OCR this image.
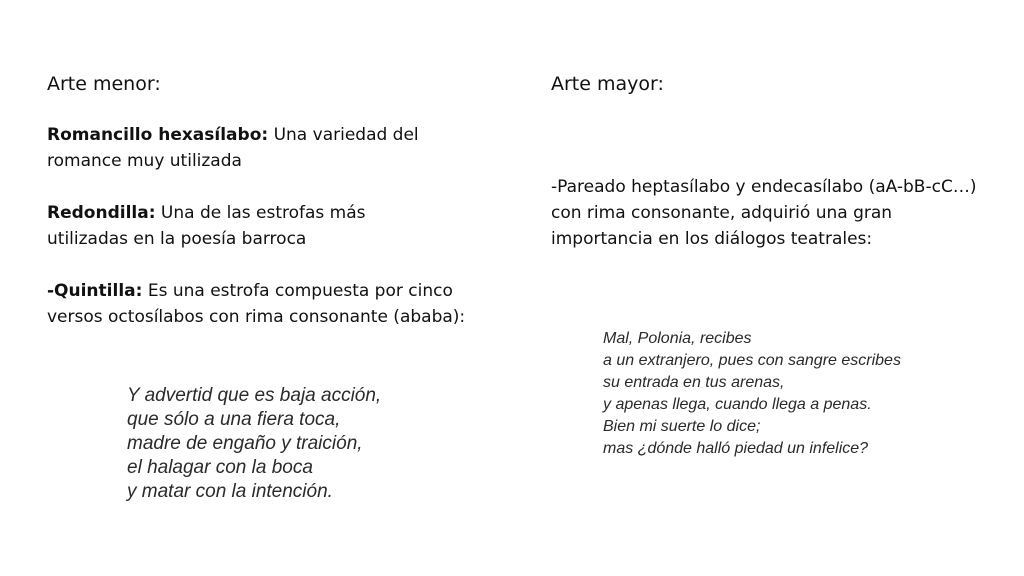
Arte menor:

Romancillo hexasílabo: Una variedad del romance muy utilizada

Redondilla: Una de las estrofas más utilizadas en la poesía barroca

-Quintilla: Es una estrofa compuesta por cinco versos octosílabos con rima consonante (ababa):

Y advertid que es baja acción,
que sólo a una fiera toca,
madre de engaño y traición,
el halagar con la boca
y matar con la intención.
Arte mayor:

-Pareado heptasílabo y endecasílabo (aA-bB-cC…) con rima consonante, adquirió una gran importancia en los diálogos teatrales:

Mal, Polonia, recibes
a un extranjero, pues con sangre escribes
su entrada en tus arenas,
y apenas llega, cuando llega a penas.
Bien mi suerte lo dice;
mas ¿dónde halló piedad un infelice?
